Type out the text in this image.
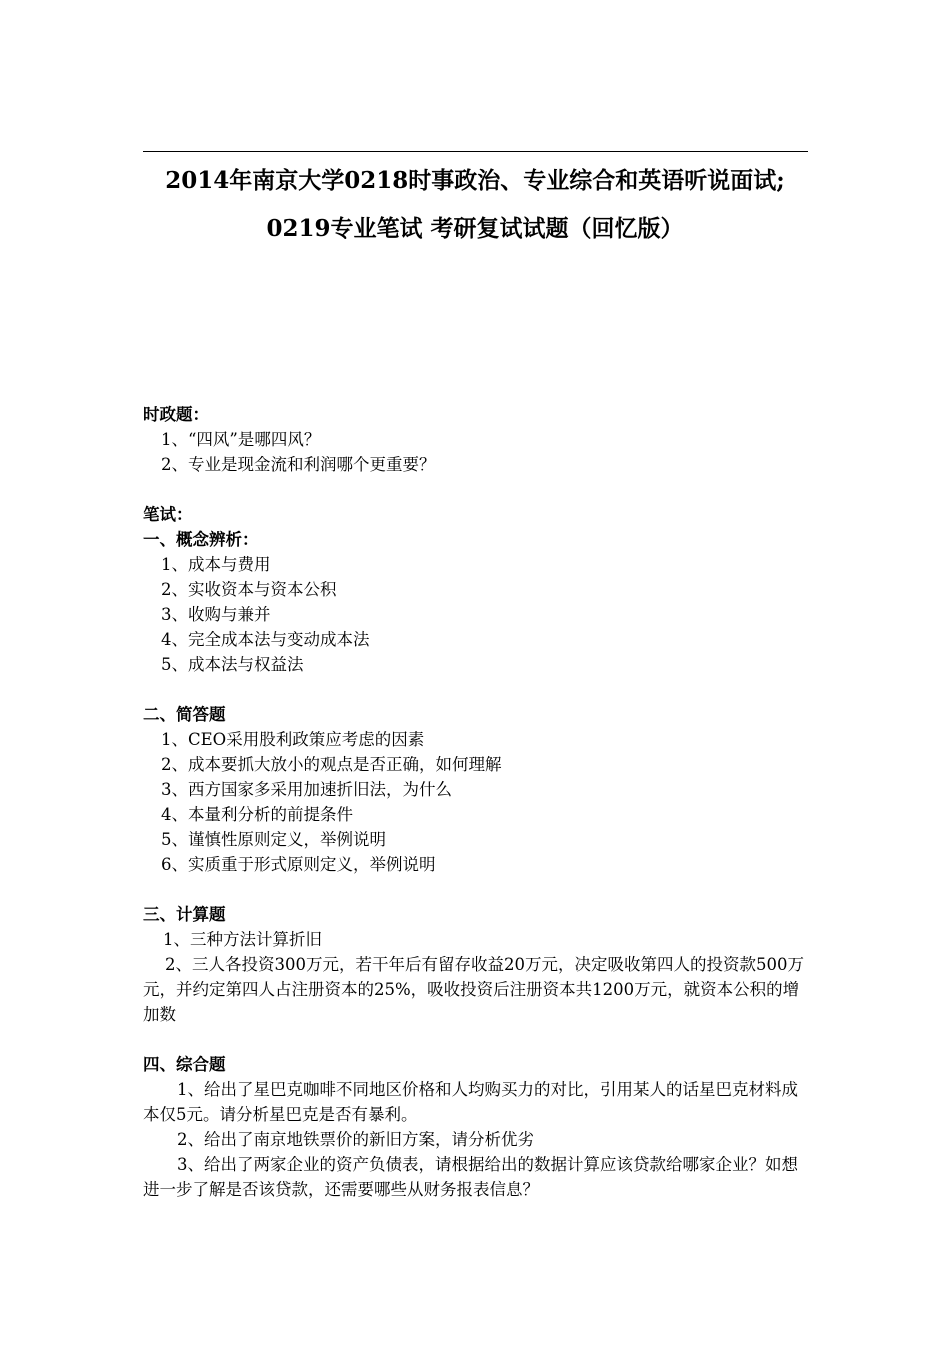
2014年南京大学0218时事政治、专业综合和英语听说面试;
0219专业笔试 考研复试试题（回忆版）
时政题：
1、“四风”是哪四风？
2、专业是现金流和利润哪个更重要？
笔试：
一、概念辨析：
1、成本与费用
2、实收资本与资本公积
3、收购与兼并
4、完全成本法与变动成本法
5、成本法与权益法
二、简答题
1、CEO采用股利政策应考虑的因素
2、成本要抓大放小的观点是否正确，如何理解
3、西方国家多采用加速折旧法，为什么
4、本量利分析的前提条件
5、谨慎性原则定义，举例说明
6、实质重于形式原则定义，举例说明
三、计算题
1、三种方法计算折旧
2、三人各投资300万元，若干年后有留存收益20万元，决定吸收第四人的投资款500万元，并约定第四人占注册资本的25%，吸收投资后注册资本共1200万元，就资本公积的增加数
四、综合题
1、给出了星巴克咖啡不同地区价格和人均购买力的对比，引用某人的话星巴克材料成本仅5元。请分析星巴克是否有暴利。
2、给出了南京地铁票价的新旧方案，请分析优劣
3、给出了两家企业的资产负债表，请根据给出的数据计算应该贷款给哪家企业？如想进一步了解是否该贷款，还需要哪些从财务报表信息？
